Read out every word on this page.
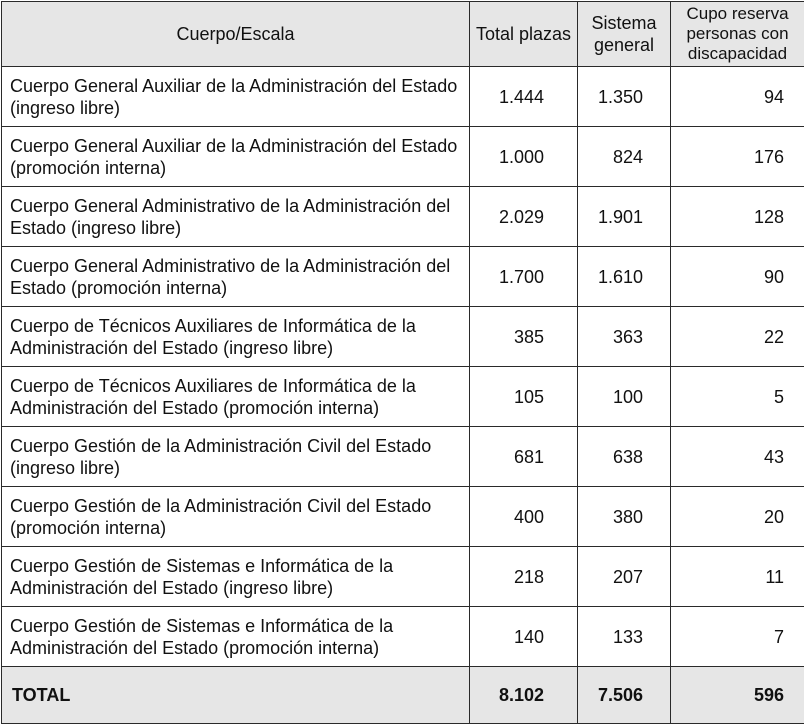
Cuerpo/Escala	Total plazas	Sistema general	Cupo reserva personas con discapacidad
Cuerpo General Auxiliar de la Administración del Estado (ingreso libre)	1.444	1.350	94
Cuerpo General Auxiliar de la Administración del Estado (promoción interna)	1.000	824	176
Cuerpo General Administrativo de la Administración del Estado (ingreso libre)	2.029	1.901	128
Cuerpo General Administrativo de la Administración del Estado (promoción interna)	1.700	1.610	90
Cuerpo de Técnicos Auxiliares de Informática de la Administración del Estado (ingreso libre)	385	363	22
Cuerpo de Técnicos Auxiliares de Informática de la Administración del Estado (promoción interna)	105	100	5
Cuerpo Gestión de la Administración Civil del Estado (ingreso libre)	681	638	43
Cuerpo Gestión de la Administración Civil del Estado (promoción interna)	400	380	20
Cuerpo Gestión de Sistemas e Informática de la Administración del Estado (ingreso libre)	218	207	11
Cuerpo Gestión de Sistemas e Informática de la Administración del Estado (promoción interna)	140	133	7
TOTAL	8.102	7.506	596
